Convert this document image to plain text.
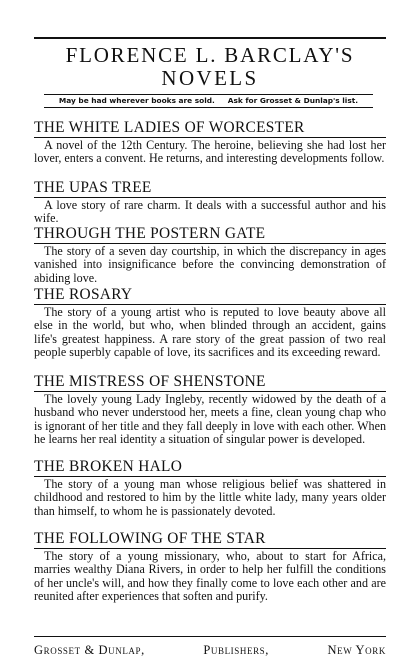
FLORENCE L. BARCLAY'S
NOVELS
May be had wherever books are sold.     Ask for Grosset & Dunlap's list.
THE WHITE LADIES OF WORCESTER
A novel of the 12th Century. The heroine, believing she had lost her lover, enters a convent. He returns, and interesting developments follow.
THE UPAS TREE
A love story of rare charm. It deals with a successful author and his wife.
THROUGH THE POSTERN GATE
The story of a seven day courtship, in which the discrepancy in ages vanished into insignificance before the convincing demonstration of abiding love.
THE ROSARY
The story of a young artist who is reputed to love beauty above all else in the world, but who, when blinded through an accident, gains life's greatest happiness. A rare story of the great passion of two real people superbly capable of love, its sacrifices and its exceeding reward.
THE MISTRESS OF SHENSTONE
The lovely young Lady Ingleby, recently widowed by the death of a husband who never understood her, meets a fine, clean young chap who is ignorant of her title and they fall deeply in love with each other. When he learns her real identity a situation of singular power is developed.
THE BROKEN HALO
The story of a young man whose religious belief was shattered in childhood and restored to him by the little white lady, many years older than himself, to whom he is passionately devoted.
THE FOLLOWING OF THE STAR
The story of a young missionary, who, about to start for Africa, marries wealthy Diana Rivers, in order to help her fulfill the conditions of her uncle's will, and how they finally come to love each other and are reunited after experiences that soften and purify.
Grosset & Dunlap,	Publishers,	New York
